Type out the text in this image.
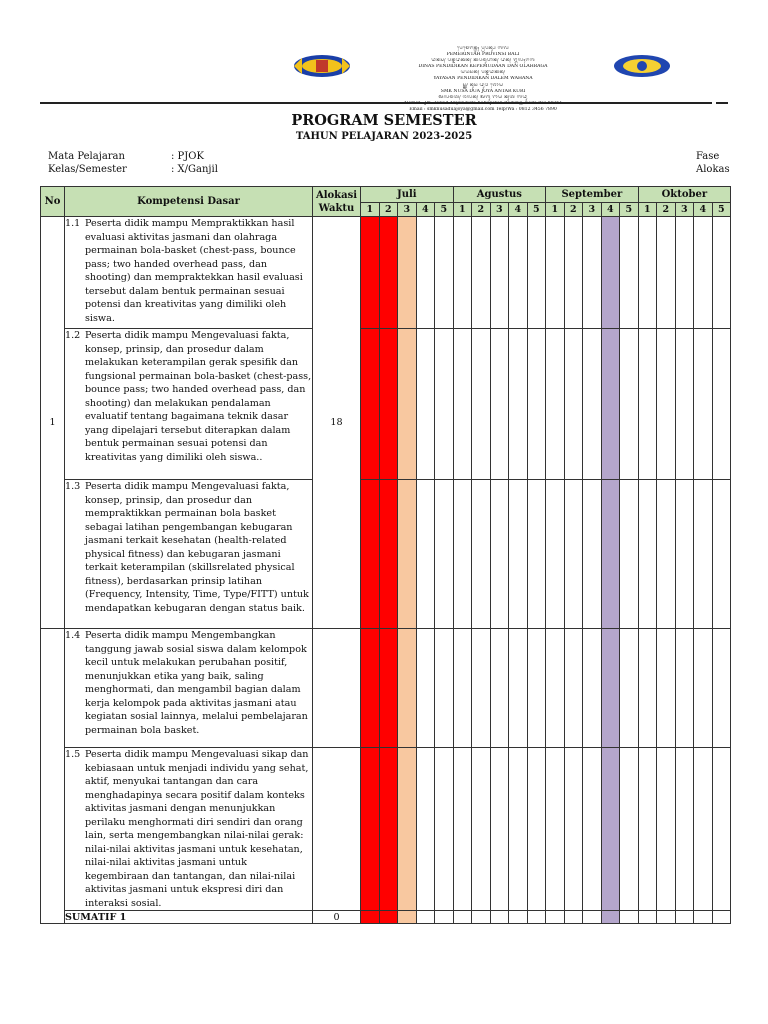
ᬧᬾᬫᬾᬭᬶᬦ᭄ᬢᬄ ᬧ᭄ᬭᬧᬶᬦ᭄ᬲᬶ ᬩᬮᬶ
PEMERINTAH PROVINSI BALI
ᬤᬶᬦᬲ᭄ ᬧᭂᬦ᭄ᬤᬶᬤᬶᬓᬦ᭄ ᬓᭂᬧᭂᬫᬸᬤᬵᬦ᭄ ᬤᬦ᭄ ᬑᬮᬄᬭᬕ
DINAS PENDIDIKAN KEPEMUDAAN DAN OLAHRAGA
ᬬᬬᬲᬦ᭄ ᬧᭂᬦ᭄ᬤᬶᬤᬶᬓᬦ᭄
YAYASAN PENDIDIKAN DALEM WAHANA
ᬲ᭄ᬫ᭄ᬓ᭄ ᬦᬸᬲ ᬤᬸᬯ ᬚᭀᬬ
SMK NUSA DUA JOYA ANTAR KURI
ᬅᬮᬫᬢ᭄ ᬚᬮᬦ᭄ ᬅᬕᬸᬂ ᬭᬵᬬ ᬓᬸᬢ ᬩᬤᬸᬂ
Alamat : Jln. Tukad Anyar Kuta Kabupaten Badung, Kode Pos 80361
Email : smknusaduajoya@gmail.com Telp/Wa : 0812 3456 7890
PROGRAM SEMESTER
TAHUN PELAJARAN 2023-2025
Mata Pelajaran
Kelas/Semester
: PJOK
: X/Ganjil
Fase
Alokas
No	Kompetensi Dasar	Alokasi
Waktu	Juli					Agustus					September					Oktober				
			1	2	3	4	5	1	2	3	4	5	1	2	3	4	5	1	2	3	4	5
1	1.1 Peserta didik mampu Mempraktikkan hasil evaluasi aktivitas jasmani dan olahraga permainan bola-basket (chest-pass, bounce pass; two handed overhead pass, dan shooting) dan mempraktekkan hasil evaluasi tersebut dalam bentuk permainan sesuai potensi dan kreativitas yang dimiliki oleh siswa.	18																				

	1.2 Peserta didik mampu Mengevaluasi fakta, konsep, prinsip, dan prosedur dalam melakukan keterampilan gerak spesifik dan fungsional permainan bola-basket (chest-pass, bounce pass; two handed overhead pass, dan shooting) dan melakukan pendalaman evaluatif tentang bagaimana teknik dasar yang dipelajari tersebut diterapkan dalam bentuk permainan sesuai potensi dan kreativitas yang dimiliki oleh siswa..																					

	1.3 Peserta didik mampu Mengevaluasi fakta, konsep, prinsip, dan prosedur dan mempraktikkan permainan bola basket sebagai latihan pengembangan kebugaran jasmani terkait kesehatan (health-related physical fitness) dan kebugaran jasmani terkait keterampilan (skillsrelated physical fitness), berdasarkan prinsip latihan (Frequency, Intensity, Time, Type/FITT) untuk mendapatkan kebugaran dengan status baik.																					

	1.4 Peserta didik mampu Mengembangkan tanggung jawab sosial siswa dalam kelompok kecil untuk melakukan perubahan positif, menunjukkan etika yang baik, saling menghormati, dan mengambil bagian dalam kerja kelompok pada aktivitas jasmani atau kegiatan sosial lainnya, melalui pembelajaran permainan bola basket.																					

	1.5 Peserta didik mampu Mengevaluasi sikap dan kebiasaan untuk menjadi individu yang sehat, aktif, menyukai tantangan dan cara menghadapinya secara positif dalam konteks aktivitas jasmani dengan menunjukkan perilaku menghormati diri sendiri dan orang lain, serta mengembangkan nilai-nilai gerak: nilai-nilai aktivitas jasmani untuk kesehatan, nilai-nilai aktivitas jasmani untuk kegembiraan dan tantangan, dan nilai-nilai aktivitas jasmani untuk ekspresi diri dan interaksi sosial.																					

	SUMATIF 1	0																				
